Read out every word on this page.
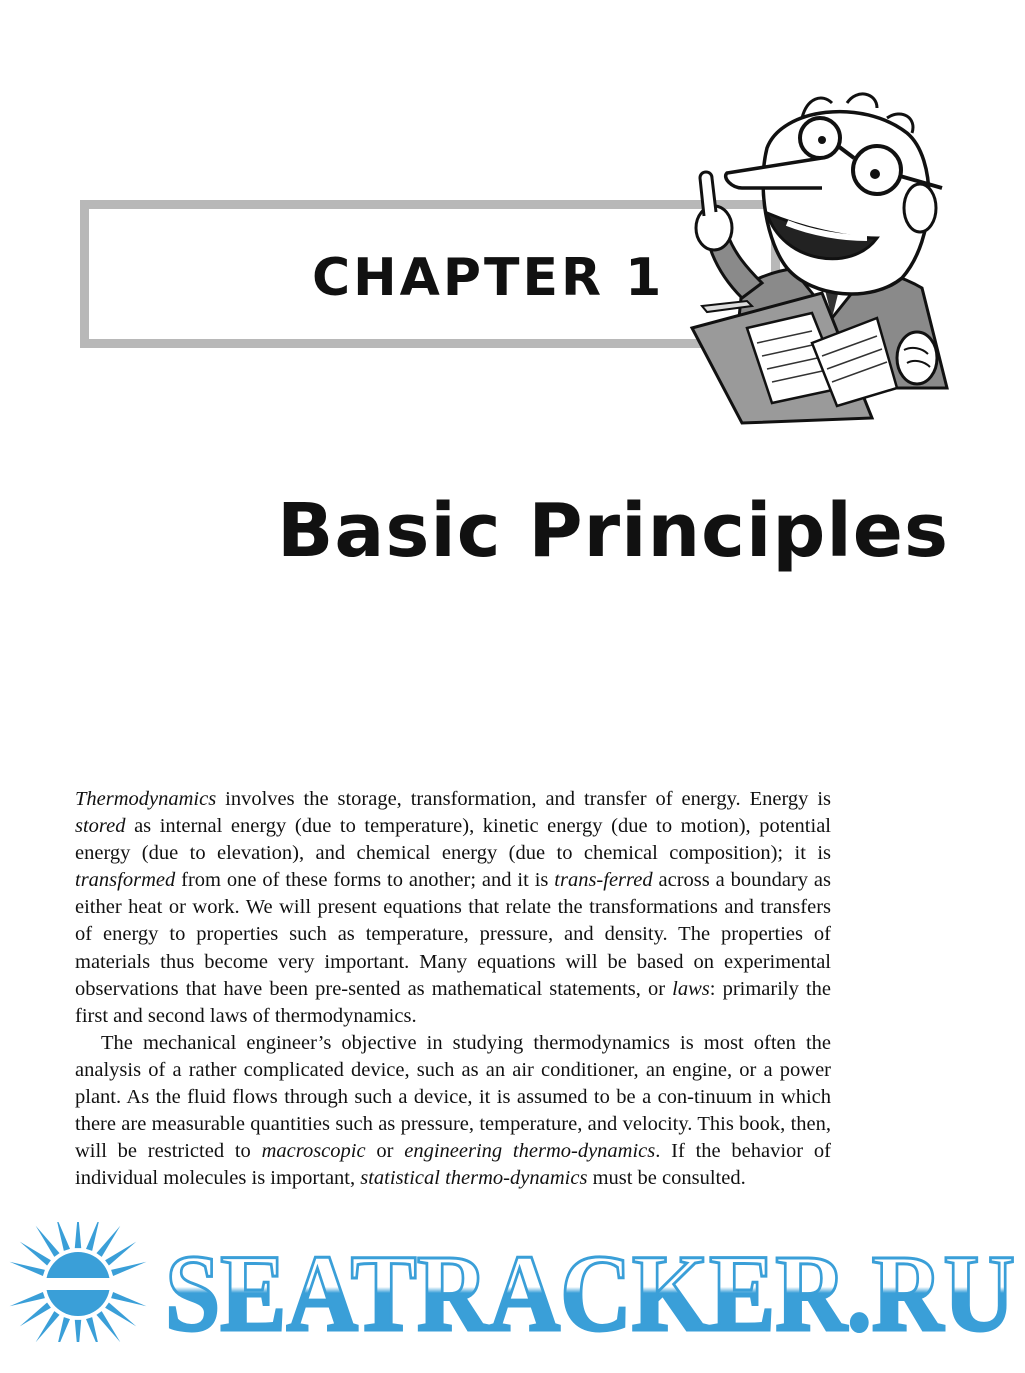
CHAPTER 1
Basic Principles

Thermodynamics involves the storage, transformation, and transfer of energy. Energy is stored as internal energy (due to temperature), kinetic energy (due to motion), potential energy (due to elevation), and chemical energy (due to chemical composition); it is transformed from one of these forms to another; and it is trans-ferred across a boundary as either heat or work. We will present equations that relate the transformations and transfers of energy to properties such as temperature, pressure, and density. The properties of materials thus become very important. Many equations will be based on experimental observations that have been pre-sented as mathematical statements, or laws: primarily the first and second laws of thermodynamics.

The mechanical engineer’s objective in studying thermodynamics is most often the analysis of a rather complicated device, such as an air conditioner, an engine, or a power plant. As the fluid flows through such a device, it is assumed to be a con-tinuum in which there are measurable quantities such as pressure, temperature, and velocity. This book, then, will be restricted to macroscopic or engineering thermo-dynamics. If the behavior of individual molecules is important, statistical thermo-dynamics must be consulted.

SEATRACKER.RU
